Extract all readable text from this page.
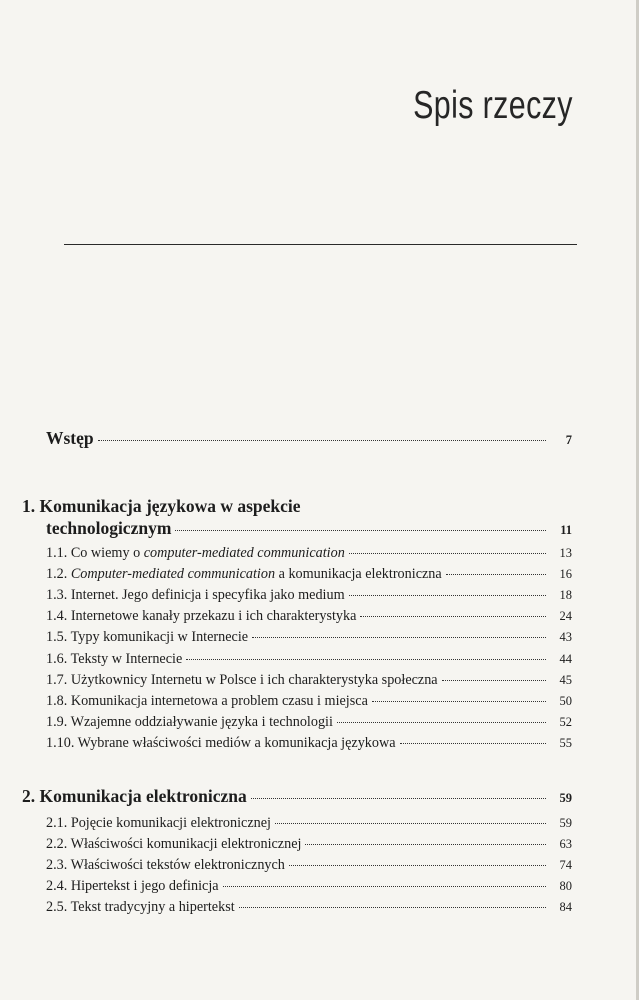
Spis rzeczy
Wstęp	7
1. Komunikacja językowa w aspekcie
technologicznym	11
1.1. Co wiemy o computer-mediated communication	13
1.2. Computer-mediated communication a komunikacja elektroniczna	16
1.3. Internet. Jego definicja i specyfika jako medium	18
1.4. Internetowe kanały przekazu i ich charakterystyka	24
1.5. Typy komunikacji w Internecie	43
1.6. Teksty w Internecie	44
1.7. Użytkownicy Internetu w Polsce i ich charakterystyka społeczna	45
1.8. Komunikacja internetowa a problem czasu i miejsca	50
1.9. Wzajemne oddziaływanie języka i technologii	52
1.10. Wybrane właściwości mediów a komunikacja językowa	55
2. Komunikacja elektroniczna	59
2.1. Pojęcie komunikacji elektronicznej	59
2.2. Właściwości komunikacji elektronicznej	63
2.3. Właściwości tekstów elektronicznych	74
2.4. Hipertekst i jego definicja	80
2.5. Tekst tradycyjny a hipertekst	84
